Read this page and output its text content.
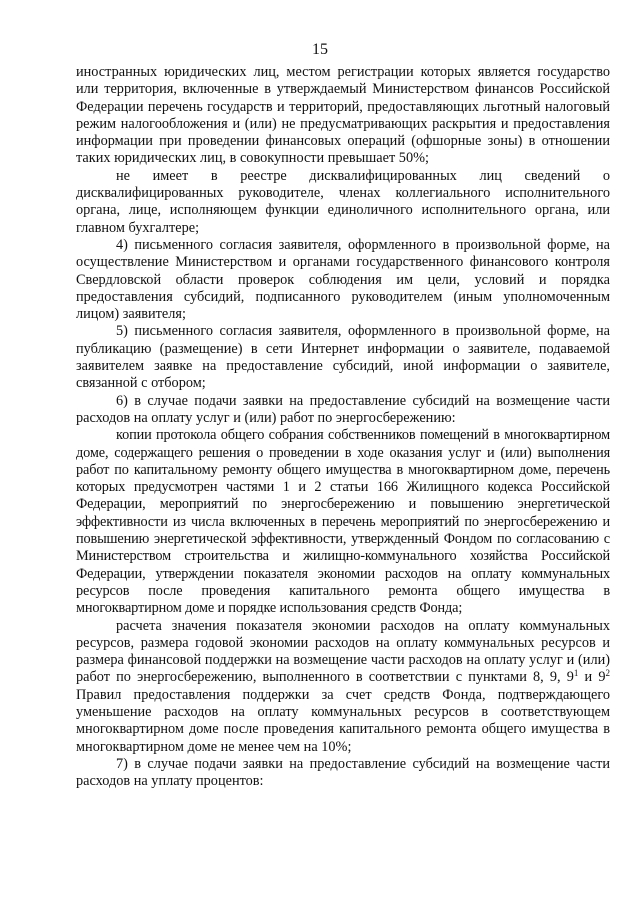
15

иностранных юридических лиц, местом регистрации которых является государство или территория, включенные в утверждаемый Министерством финансов Российской Федерации перечень государств и территорий, предоставляющих льготный налоговый режим налогообложения и (или) не предусматривающих раскрытия и предоставления информации при проведении финансовых операций (офшорные зоны) в отношении таких юридических лиц, в совокупности превышает 50%;

не имеет в реестре дисквалифицированных лиц сведений о дисквалифицированных руководителе, членах коллегиального исполнительного органа, лице, исполняющем функции единоличного исполнительного органа, или главном бухгалтере;

4) письменного согласия заявителя, оформленного в произвольной форме, на осуществление Министерством и органами государственного финансового контроля Свердловской области проверок соблюдения им цели, условий и порядка предоставления субсидий, подписанного руководителем (иным уполномоченным лицом) заявителя;

5) письменного согласия заявителя, оформленного в произвольной форме, на публикацию (размещение) в сети Интернет информации о заявителе, подаваемой заявителем заявке на предоставление субсидий, иной информации о заявителе, связанной с отбором;

6) в случае подачи заявки на предоставление субсидий на возмещение части расходов на оплату услуг и (или) работ по энергосбережению:

копии протокола общего собрания собственников помещений в многоквартирном доме, содержащего решения о проведении в ходе оказания услуг и (или) выполнения работ по капитальному ремонту общего имущества в многоквартирном доме, перечень которых предусмотрен частями 1 и 2 статьи 166 Жилищного кодекса Российской Федерации, мероприятий по энергосбережению и повышению энергетической эффективности из числа включенных в перечень мероприятий по энергосбережению и повышению энергетической эффективности, утвержденный Фондом по согласованию с Министерством строительства и жилищно-коммунального хозяйства Российской Федерации, утверждении показателя экономии расходов на оплату коммунальных ресурсов после проведения капитального ремонта общего имущества в многоквартирном доме и порядке использования средств Фонда;

расчета значения показателя экономии расходов на оплату коммунальных ресурсов, размера годовой экономии расходов на оплату коммунальных ресурсов и размера финансовой поддержки на возмещение части расходов на оплату услуг и (или) работ по энергосбережению, выполненного в соответствии с пунктами 8, 9, $9^1$ и $9^2$ Правил предоставления поддержки за счет средств Фонда, подтверждающего уменьшение расходов на оплату коммунальных ресурсов в соответствующем многоквартирном доме после проведения капитального ремонта общего имущества в многоквартирном доме не менее чем на 10%;

7) в случае подачи заявки на предоставление субсидий на возмещение части расходов на уплату процентов:
